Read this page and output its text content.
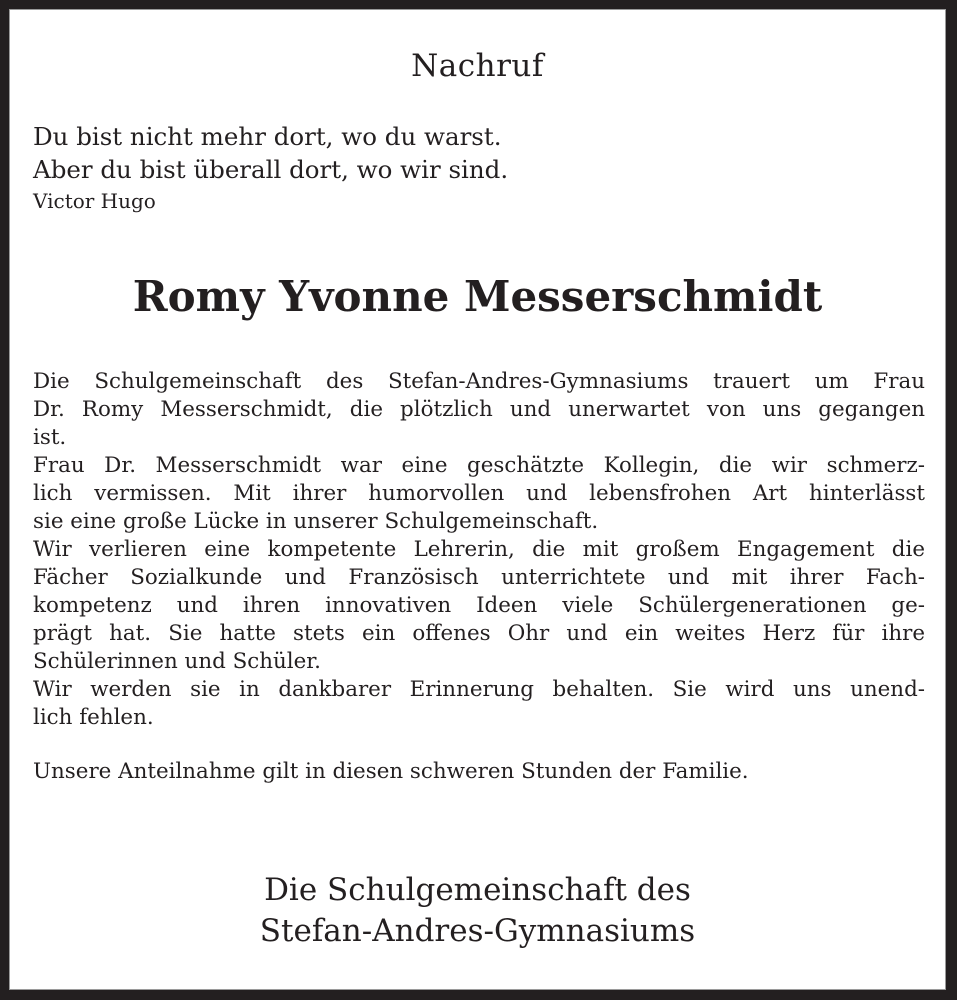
Nachruf
Du bist nicht mehr dort, wo du warst.
Aber du bist überall dort, wo wir sind.
Victor Hugo
Romy Yvonne Messerschmidt

Die Schulgemeinschaft des Stefan-Andres-Gymnasiums trauert um Frau
Dr. Romy Messerschmidt, die plötzlich und unerwartet von uns gegangen
ist.

Frau Dr. Messerschmidt war eine geschätzte Kollegin, die wir schmerz-
lich vermissen. Mit ihrer humorvollen und lebensfrohen Art hinterlässt
sie eine große Lücke in unserer Schulgemeinschaft.

Wir verlieren eine kompetente Lehrerin, die mit großem Engagement die
Fächer Sozialkunde und Französisch unterrichtete und mit ihrer Fach-
kompetenz und ihren innovativen Ideen viele Schülergenerationen ge-
prägt hat. Sie hatte stets ein offenes Ohr und ein weites Herz für ihre
Schülerinnen und Schüler.

Wir werden sie in dankbarer Erinnerung behalten. Sie wird uns unend-
lich fehlen.

Unsere Anteilnahme gilt in diesen schweren Stunden der Familie.

Die Schulgemeinschaft des
Stefan-Andres-Gymnasiums
